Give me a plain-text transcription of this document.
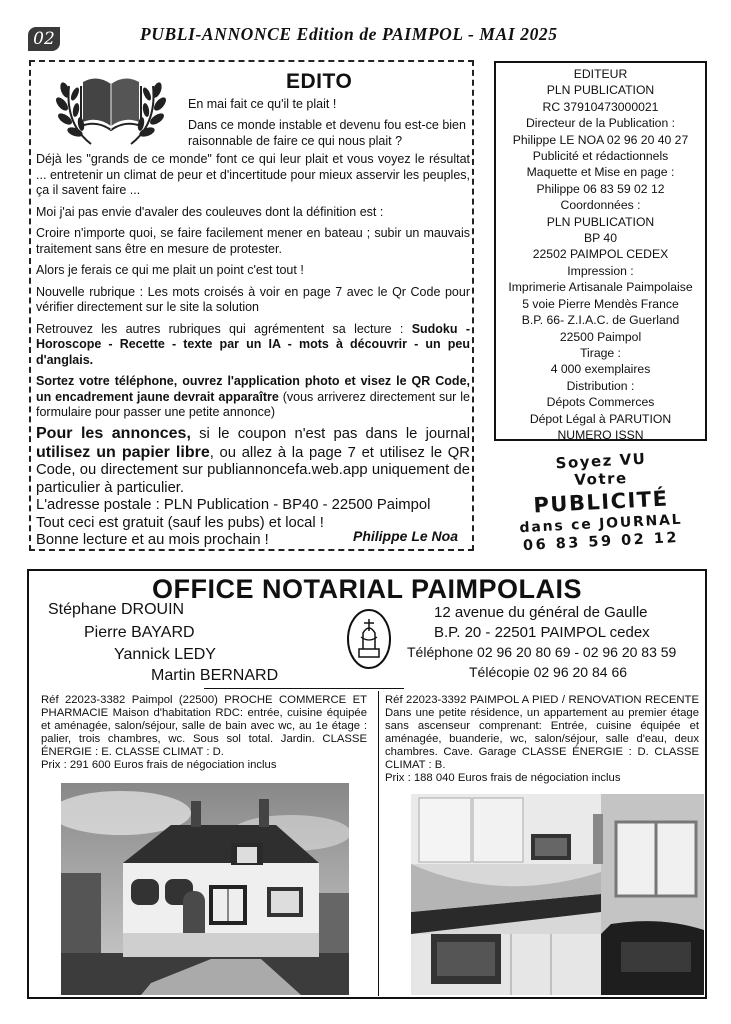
02	PUBLI-ANNONCE Edition de PAIMPOL - MAI 2025
EDITO

En mai fait ce qu'il te plait !

Dans ce monde instable et devenu fou est-ce bien raisonnable de faire ce qui nous plait ?

Déjà les "grands de ce monde" font ce qui leur plait et vous voyez le résultat ... entretenir un climat de peur et d'incertitude pour mieux asservir les peuples, ça il savent faire ...

Moi j'ai pas envie d'avaler des couleuves dont la définition est :

Croire n'importe quoi, se faire facilement mener en bateau ; subir un mauvais traitement sans être en mesure de protester.

Alors je ferais ce qui me plait un point c'est tout !

Nouvelle rubrique : Les mots croisés à voir en page 7 avec le Qr Code pour vérifier directement sur le site la solution

Retrouvez les autres rubriques qui agrémentent sa lecture : Sudoku - Horoscope - Recette - texte par un IA - mots à découvrir - un peu d'anglais.

Sortez votre téléphone, ouvrez l'application photo et visez le QR Code, un encadrement jaune devrait apparaître (vous arriverez directement sur le formulaire pour passer une petite annonce)

Pour les annonces, si le coupon n'est pas dans le journal utilisez un papier libre, ou allez à la page 7 et utilisez le QR Code, ou directement sur publiannoncefa.web.app uniquement de particulier à particulier.
L'adresse postale : PLN Publication - BP40 - 22500 Paimpol
Tout ceci est gratuit (sauf les pubs) et local !
Bonne lecture et au mois prochain !	Philippe Le Noa
EDITEUR
PLN PUBLICATION
RC 37910473000021
Directeur de la Publication :
Philippe LE NOA 02 96 20 40 27
Publicité et rédactionnels
Maquette et Mise en page :
Philippe 06 83 59 02 12
Coordonnées :
PLN PUBLICATION
BP 40
22502 PAIMPOL CEDEX
Impression :
Imprimerie Artisanale Paimpolaise
5 voie Pierre Mendès France
B.P. 66- Z.I.A.C. de Guerland
22500 Paimpol
Tirage :
4 000 exemplaires
Distribution :
Dépots Commerces
Dépot Légal à PARUTION
NUMERO ISSN
Soyez VU
Votre
PUBLICITÉ
dans ce JOURNAL
06 83 59 02 12
OFFICE NOTARIAL PAIMPOLAIS
Stéphane DROUIN
Pierre BAYARD
Yannick LEDY
Martin BERNARD
12 avenue du général de Gaulle
B.P. 20 - 22501 PAIMPOL cedex
Téléphone 02 96 20 80 69 - 02 96 20 83 59
Télécopie 02 96 20 84 66
Réf 22023-3382 Paimpol (22500) PROCHE COMMERCE ET PHARMACIE Maison d'habitation RDC: entrée, cuisine équipée et aménagée, salon/séjour, salle de bain avec wc, au 1e étage : palier, trois chambres, wc. Sous sol total. Jardin. CLASSE ÉNERGIE : E. CLASSE CLIMAT : D.
Prix : 291 600 Euros frais de négociation inclus
Réf 22023-3392 PAIMPOL A PIED / RENOVATION RECENTE Dans une petite résidence, un appartement au premier étage sans ascenseur comprenant: Entrée, cuisine équipée et aménagée, buanderie, wc, salon/séjour, salle d'eau, deux chambres. Cave. Garage CLASSE ÉNERGIE : D. CLASSE CLIMAT : B.
Prix : 188 040 Euros frais de négociation inclus
